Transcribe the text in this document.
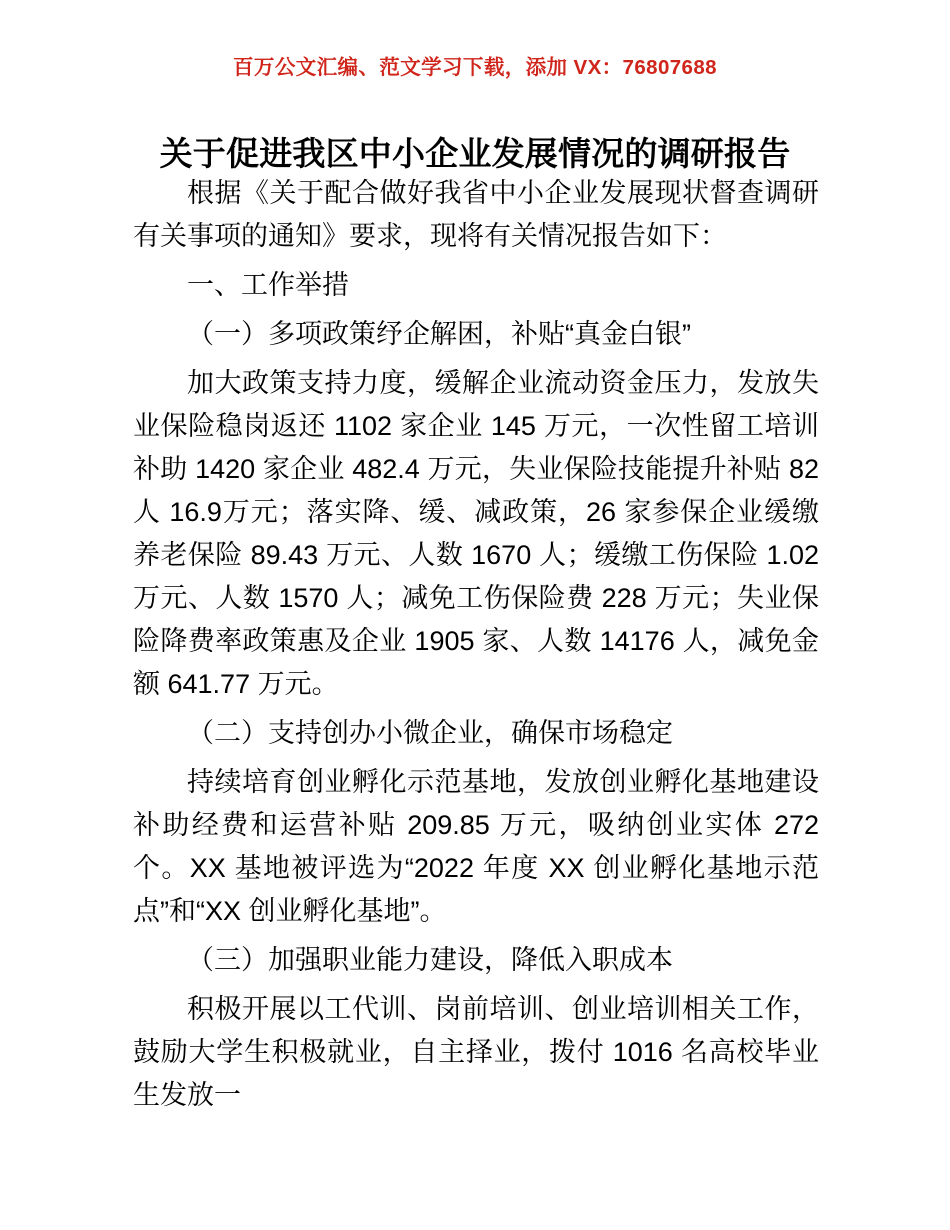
百万公文汇编、范文学习下载，添加 VX：76807688
关于促进我区中小企业发展情况的调研报告

根据《关于配合做好我省中小企业发展现状督查调研有关事项的通知》要求，现将有关情况报告如下：

一、工作举措

（一）多项政策纾企解困，补贴“真金白银”

加大政策支持力度，缓解企业流动资金压力，发放失业保险稳岗返还 1102 家企业 145 万元，一次性留工培训补助 1420 家企业 482.4 万元，失业保险技能提升补贴 82 人 16.9万元；落实降、缓、减政策，26 家参保企业缓缴养老保险 89.43 万元、人数 1670 人；缓缴工伤保险 1.02 万元、人数 1570 人；减免工伤保险费 228 万元；失业保险降费率政策惠及企业 1905 家、人数 14176 人，减免金额 641.77 万元。

（二）支持创办小微企业，确保市场稳定

持续培育创业孵化示范基地，发放创业孵化基地建设补助经费和运营补贴 209.85 万元，吸纳创业实体 272 个。XX 基地被评选为“2022 年度 XX 创业孵化基地示范点”和“XX 创业孵化基地”。

（三）加强职业能力建设，降低入职成本

积极开展以工代训、岗前培训、创业培训相关工作，鼓励大学生积极就业，自主择业，拨付 1016 名高校毕业生发放一
